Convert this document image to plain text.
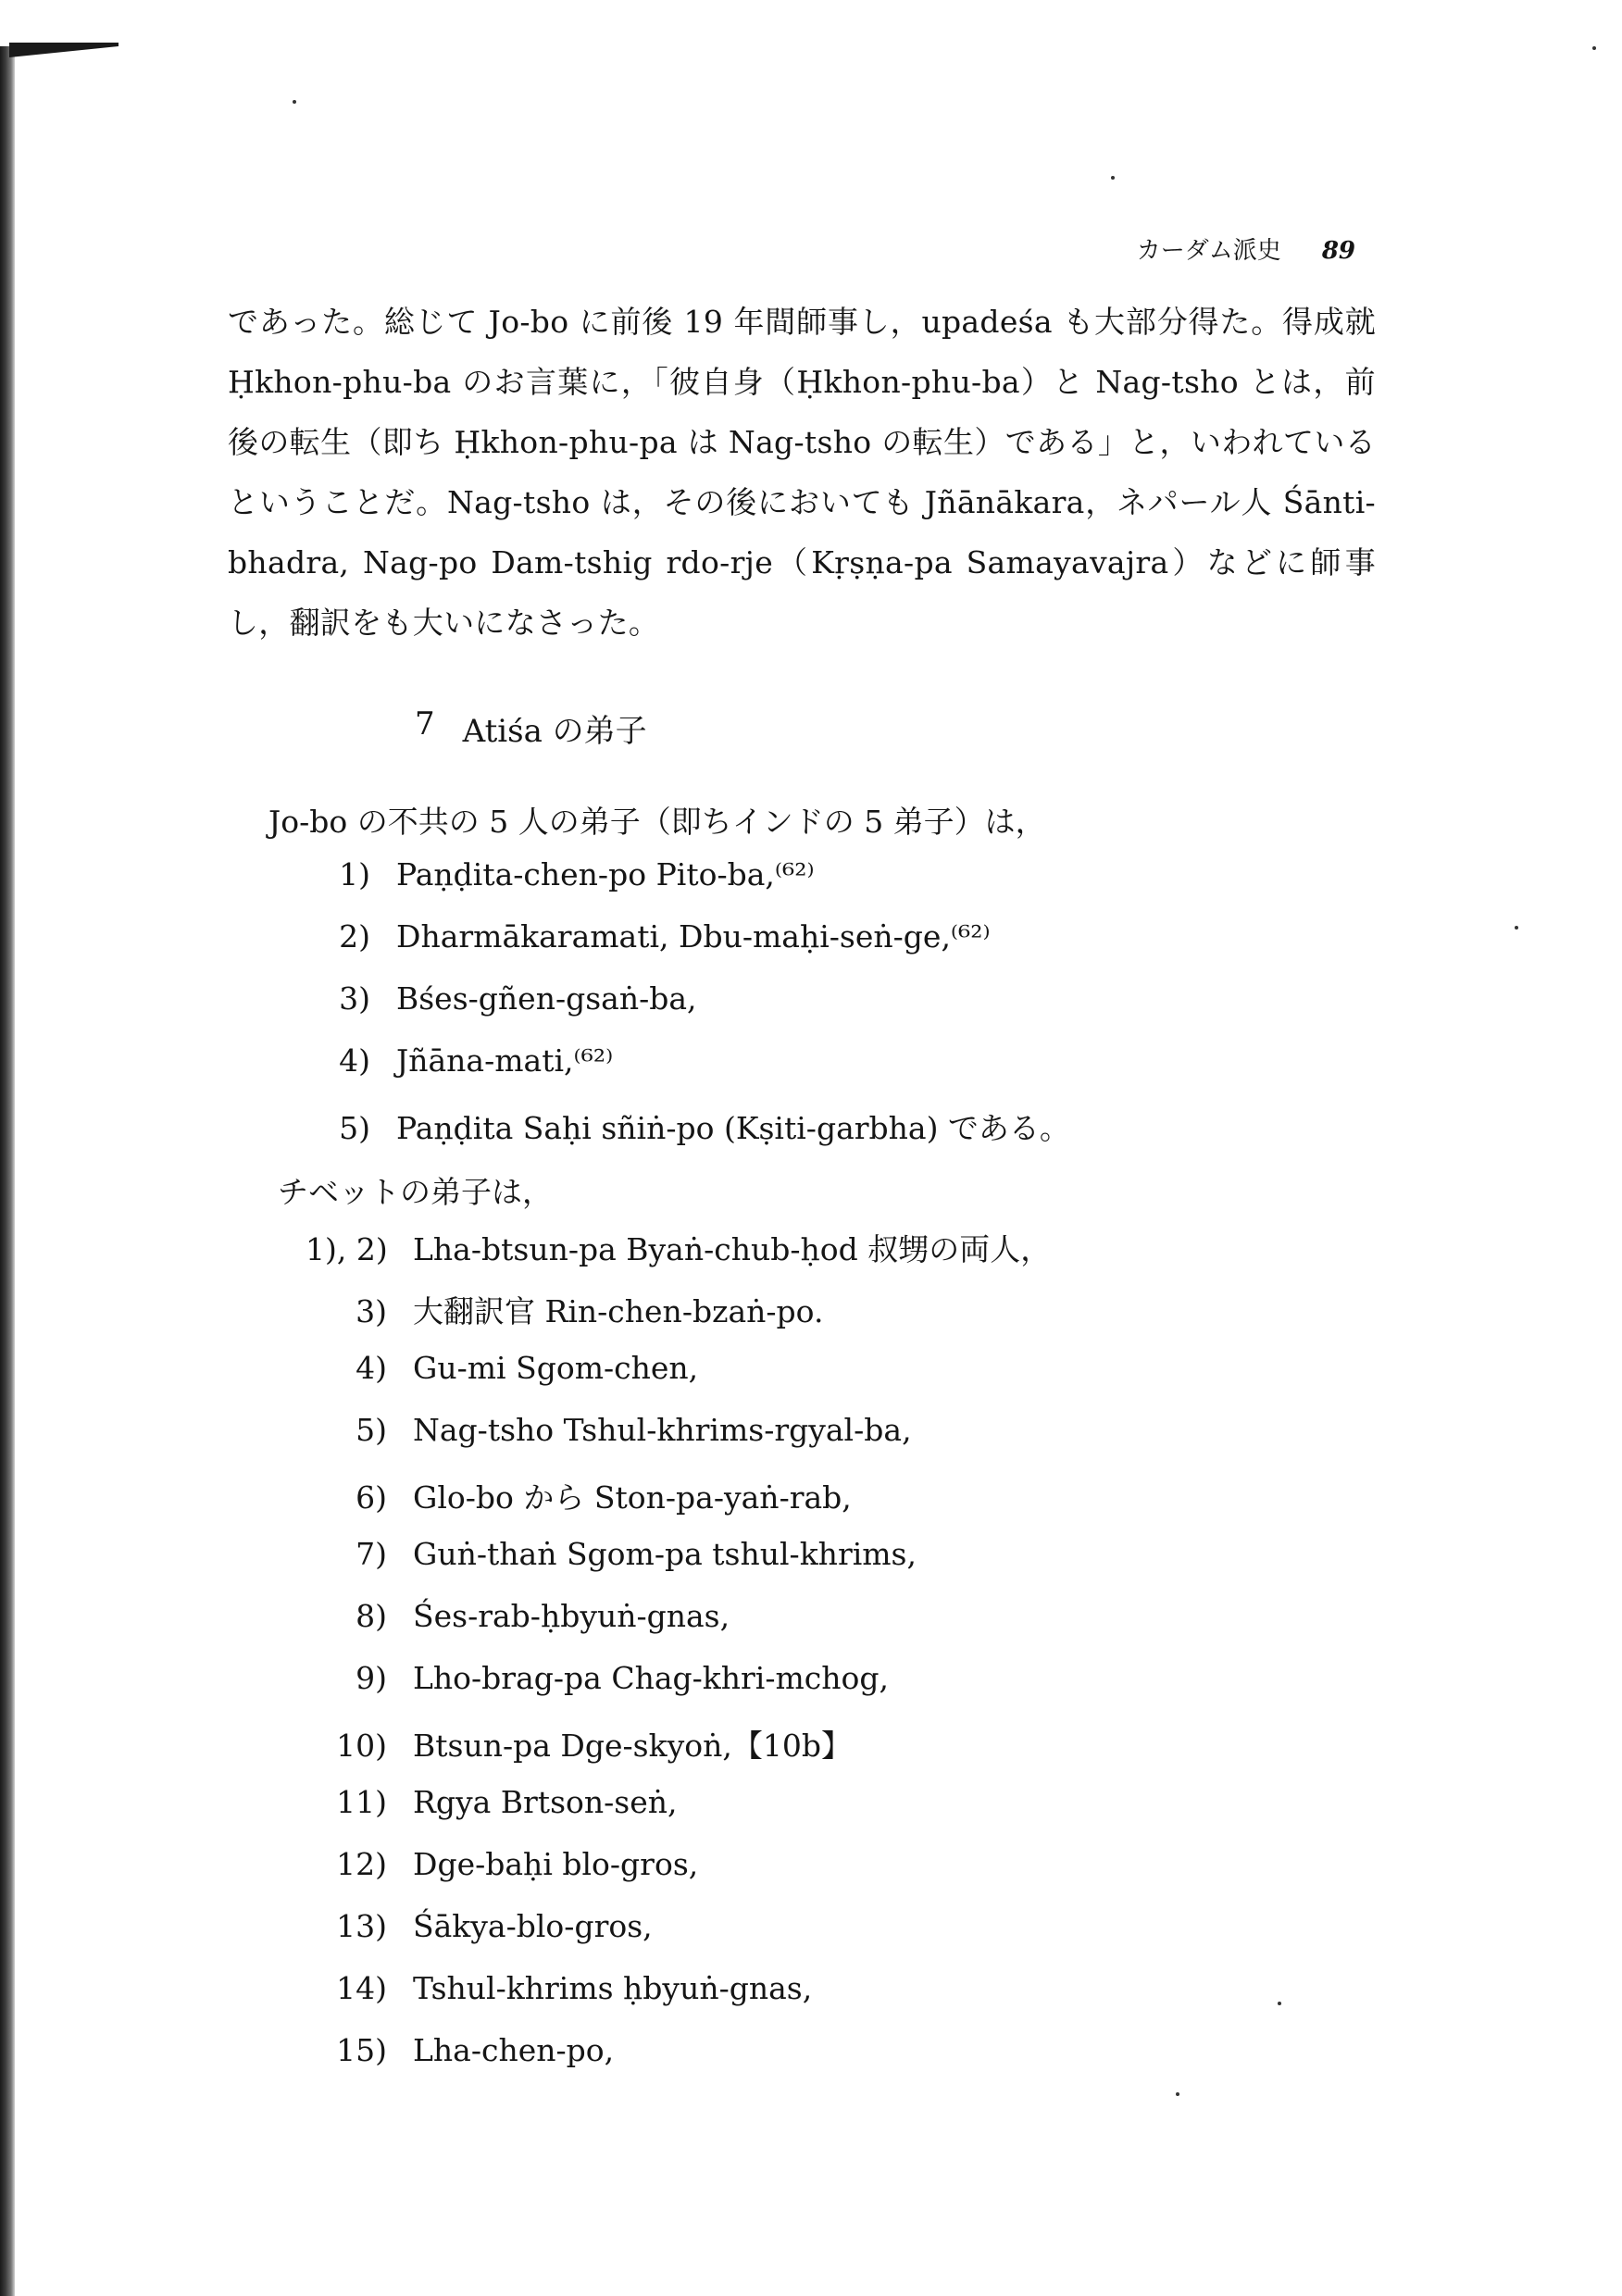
カーダム派史 89

であった。総じて Jo-bo に前後 19 年間師事し，upadeśa も大部分得た。得成就 Ḥkhon-phu-ba のお言葉に，「彼自身（Ḥkhon-phu-ba）と Nag-tsho とは，前後の転生（即ち Ḥkhon-phu-pa は Nag-tsho の転生）である」と，いわれているということだ。Nag-tsho は，その後においても Jñānākara，ネパール人 Śānti-bhadra, Nag-po Dam-tshig rdo-rje（Kṛṣṇa-pa Samayavajra）などに師事し，翻訳をも大いになさった。

7 Atiśa の弟子

Jo-bo の不共の 5 人の弟子（即ちインドの 5 弟子）は，

1) Paṇḍita-chen-po Pito-ba,⁽⁶²⁾
2) Dharmākaramati, Dbu-maḥi-seṅ-ge,⁽⁶²⁾
3) Bśes-gñen-gsaṅ-ba,
4) Jñāna-mati,⁽⁶²⁾
5) Paṇḍita Saḥi sñiṅ-po (Kṣiti-garbha) である。

チベットの弟子は，

1), 2) Lha-btsun-pa Byaṅ-chub-ḥod 叔甥の両人，
3) 大翻訳官 Rin-chen-bzaṅ-po.
4) Gu-mi Sgom-chen,
5) Nag-tsho Tshul-khrims-rgyal-ba,
6) Glo-bo から Ston-pa-yaṅ-rab,
7) Guṅ-thaṅ Sgom-pa tshul-khrims,
8) Śes-rab-ḥbyuṅ-gnas,
9) Lho-brag-pa Chag-khri-mchog,
10) Btsun-pa Dge-skyoṅ,【10b】
11) Rgya Brtson-seṅ,
12) Dge-baḥi blo-gros,
13) Śākya-blo-gros,
14) Tshul-khrims ḥbyuṅ-gnas,
15) Lha-chen-po,
